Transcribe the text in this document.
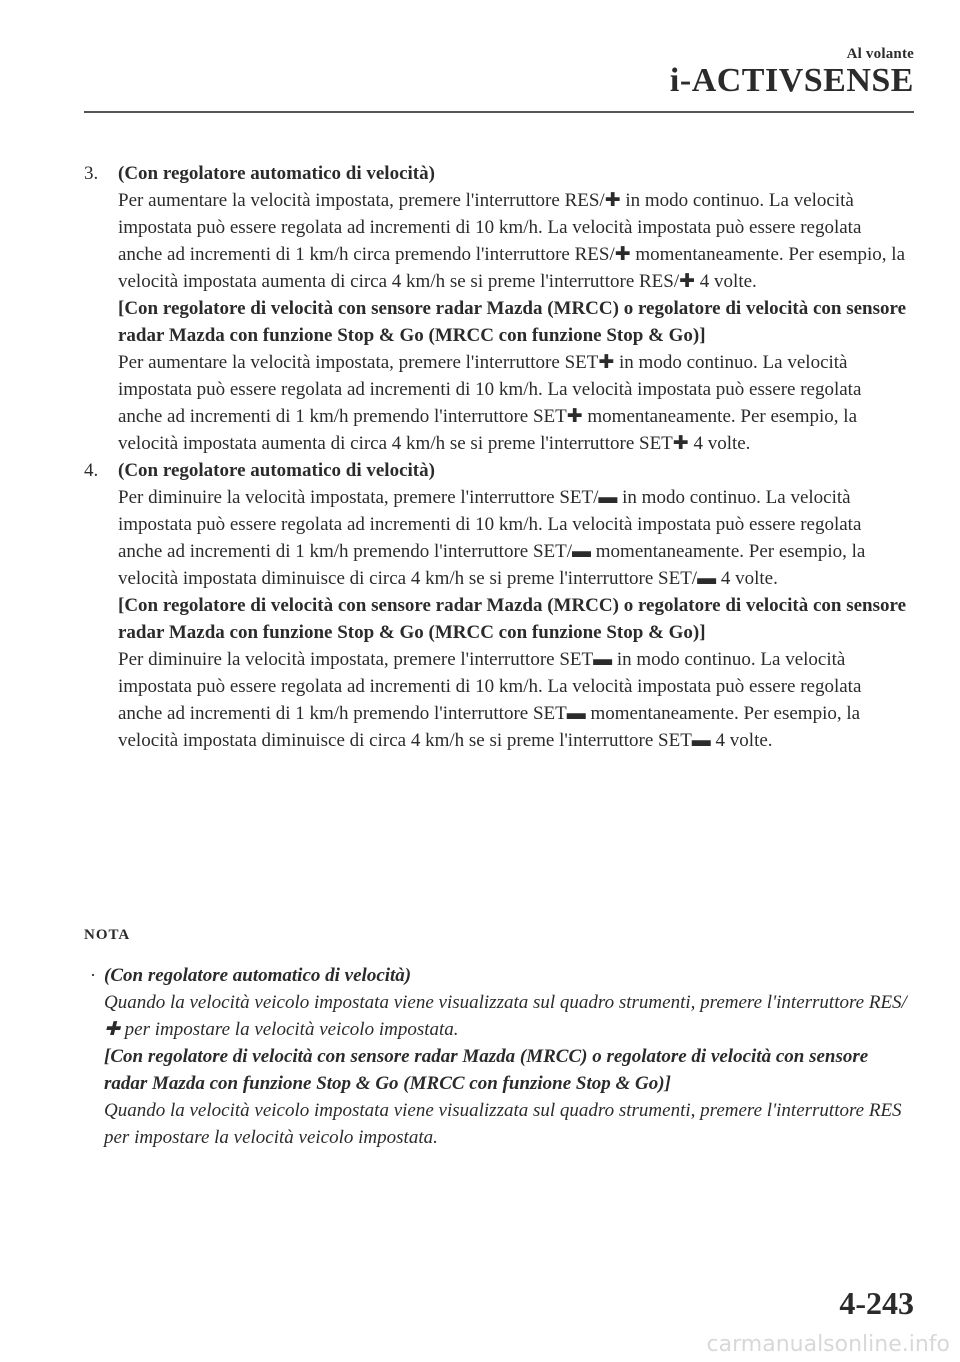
Al volante
i-ACTIVSENSE
3. (Con regolatore automatico di velocità)

Per aumentare la velocità impostata, premere l'interruttore RES/✚ in modo continuo. La velocità impostata può essere regolata ad incrementi di 10 km/h. La velocità impostata può essere regolata anche ad incrementi di 1 km/h circa premendo l'interruttore RES/✚ momentaneamente. Per esempio, la velocità impostata aumenta di circa 4 km/h se si preme l'interruttore RES/✚ 4 volte.

[Con regolatore di velocità con sensore radar Mazda (MRCC) o regolatore di velocità con sensore radar Mazda con funzione Stop & Go (MRCC con funzione Stop & Go)]

Per aumentare la velocità impostata, premere l'interruttore SET✚ in modo continuo. La velocità impostata può essere regolata ad incrementi di 10 km/h. La velocità impostata può essere regolata anche ad incrementi di 1 km/h premendo l'interruttore SET✚ momentaneamente. Per esempio, la velocità impostata aumenta di circa 4 km/h se si preme l'interruttore SET✚ 4 volte.

4. (Con regolatore automatico di velocità)

Per diminuire la velocità impostata, premere l'interruttore SET/▬ in modo continuo. La velocità impostata può essere regolata ad incrementi di 10 km/h. La velocità impostata può essere regolata anche ad incrementi di 1 km/h premendo l'interruttore SET/▬ momentaneamente. Per esempio, la velocità impostata diminuisce di circa 4 km/h se si preme l'interruttore SET/▬ 4 volte.

[Con regolatore di velocità con sensore radar Mazda (MRCC) o regolatore di velocità con sensore radar Mazda con funzione Stop & Go (MRCC con funzione Stop & Go)]

Per diminuire la velocità impostata, premere l'interruttore SET▬ in modo continuo. La velocità impostata può essere regolata ad incrementi di 10 km/h. La velocità impostata può essere regolata anche ad incrementi di 1 km/h premendo l'interruttore SET▬ momentaneamente. Per esempio, la velocità impostata diminuisce di circa 4 km/h se si preme l'interruttore SET▬ 4 volte.

NOTA
· (Con regolatore automatico di velocità)

Quando la velocità veicolo impostata viene visualizzata sul quadro strumenti, premere l'interruttore RES/✚ per impostare la velocità veicolo impostata.

[Con regolatore di velocità con sensore radar Mazda (MRCC) o regolatore di velocità con sensore radar Mazda con funzione Stop & Go (MRCC con funzione Stop & Go)]

Quando la velocità veicolo impostata viene visualizzata sul quadro strumenti, premere l'interruttore RES per impostare la velocità veicolo impostata.

4-243
carmanualsonline.info
